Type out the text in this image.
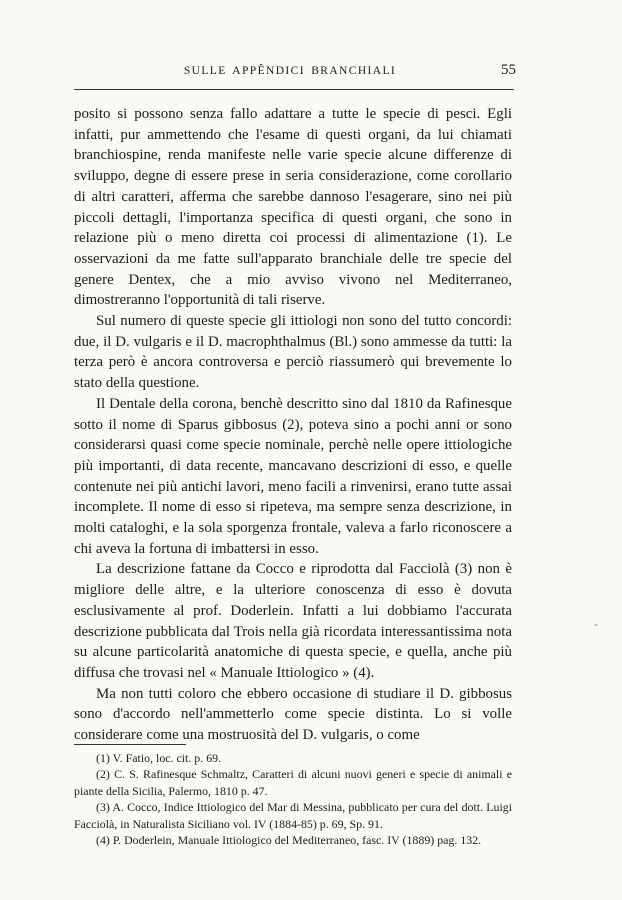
SULLE APPÊNDICI BRANCHIALI	55

posito si possono senza fallo adattare a tutte le specie di pesci. Egli infatti, pur ammettendo che l'esame di questi organi, da lui chiamati branchiospine, renda manifeste nelle varie specie alcune differenze di sviluppo, degne di essere prese in seria considerazione, come corollario di altri caratteri, afferma che sarebbe dannoso l'esagerare, sino nei più piccoli dettagli, l'importanza specifica di questi organi, che sono in relazione più o meno diretta coi processi di alimentazione (1). Le osservazioni da me fatte sull'apparato branchiale delle tre specie del genere Dentex, che a mio avviso vivono nel Mediterraneo, dimostreranno l'opportunità di tali riserve.

Sul numero di queste specie gli ittiologi non sono del tutto concordi: due, il D. vulgaris e il D. macrophthalmus (Bl.) sono ammesse da tutti: la terza però è ancora controversa e perciò riassumerò qui brevemente lo stato della questione.

Il Dentale della corona, benchè descritto sino dal 1810 da Rafinesque sotto il nome di Sparus gibbosus (2), poteva sino a pochi anni or sono considerarsi quasi come specie nominale, perchè nelle opere ittiologiche più importanti, di data recente, mancavano descrizioni di esso, e quelle contenute nei più antichi lavori, meno facili a rinvenirsi, erano tutte assai incomplete. Il nome di esso si ripeteva, ma sempre senza descrizione, in molti cataloghi, e la sola sporgenza frontale, valeva a farlo riconoscere a chi aveva la fortuna di imbattersi in esso.

La descrizione fattane da Cocco e riprodotta dal Facciolà (3) non è migliore delle altre, e la ulteriore conoscenza di esso è dovuta esclusivamente al prof. Doderlein. Infatti a lui dobbiamo l'accurata descrizione pubblicata dal Trois nella già ricordata interessantissima nota su alcune particolarità anatomiche di questa specie, e quella, anche più diffusa che trovasi nel « Manuale Ittiologico » (4).

Ma non tutti coloro che ebbero occasione di studiare il D. gibbosus sono d'accordo nell'ammetterlo come specie distinta. Lo si volle considerare come una mostruosità del D. vulgaris, o come

(1) V. Fatio, loc. cit. p. 69.

(2) C. S. Rafinesque Schmaltz, Caratteri di alcuni nuovi generi e specie di animali e piante della Sicilia, Palermo, 1810 p. 47.

(3) A. Cocco, Indice Ittiologico del Mar di Messina, pubblicato per cura del dott. Luigi Facciolà, in Naturalista Siciliano vol. IV (1884-85) p. 69, Sp. 91.

(4) P. Doderlein, Manuale Ittiologico del Mediterraneo, fasc. IV (1889) pag. 132.

-
